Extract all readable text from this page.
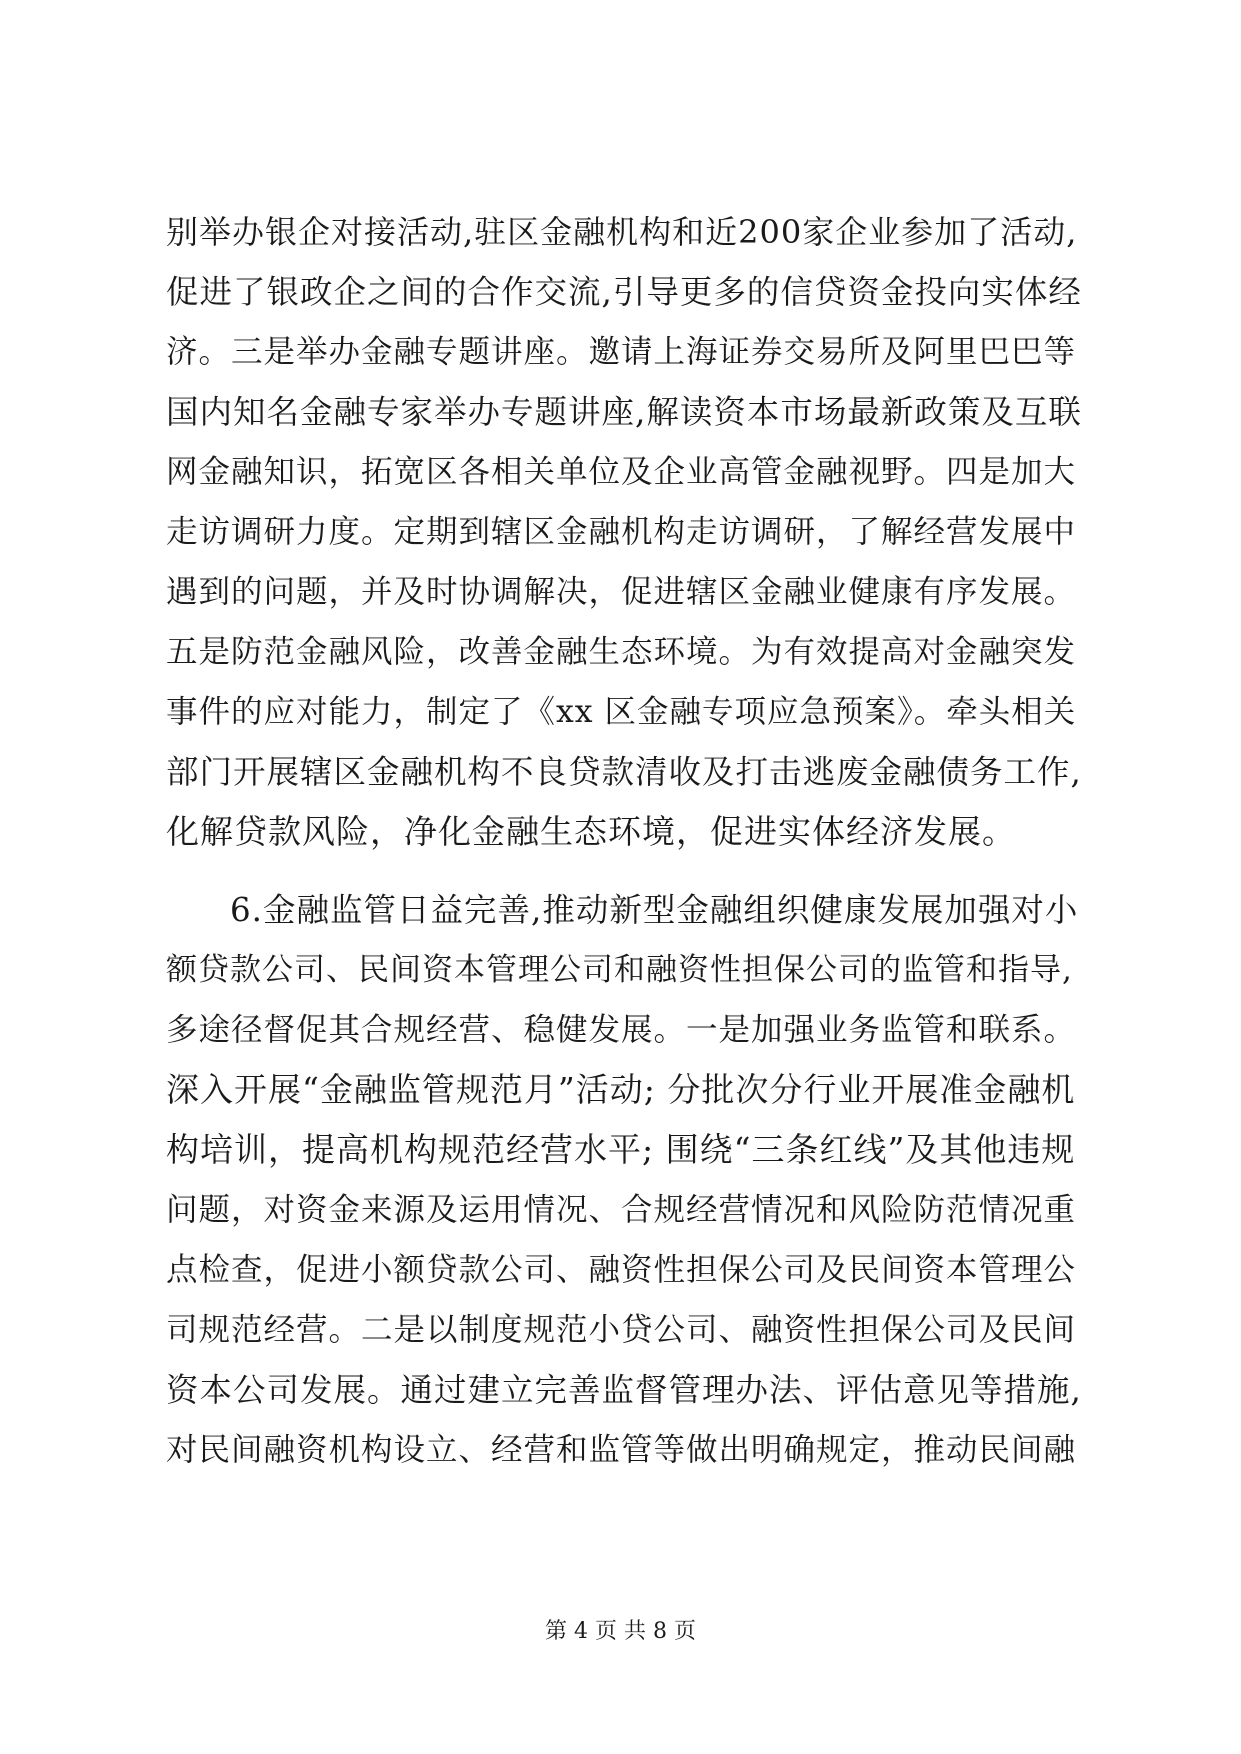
别举办银企对接活动,驻区金融机构和近200家企业参加了活动,
促进了银政企之间的合作交流,引导更多的信贷资金投向实体经
济。三是举办金融专题讲座。邀请上海证券交易所及阿里巴巴等
国内知名金融专家举办专题讲座,解读资本市场最新政策及互联
网金融知识，拓宽区各相关单位及企业高管金融视野。四是加大
走访调研力度。定期到辖区金融机构走访调研，了解经营发展中
遇到的问题，并及时协调解决，促进辖区金融业健康有序发展。
五是防范金融风险，改善金融生态环境。为有效提高对金融突发
事件的应对能力，制定了《xx 区金融专项应急预案》。牵头相关
部门开展辖区金融机构不良贷款清收及打击逃废金融债务工作,
化解贷款风险，净化金融生态环境，促进实体经济发展。
6.金融监管日益完善,推动新型金融组织健康发展加强对小
额贷款公司、民间资本管理公司和融资性担保公司的监管和指导,
多途径督促其合规经营、稳健发展。一是加强业务监管和联系。
深入开展“金融监管规范月”活动; 分批次分行业开展准金融机
构培训，提高机构规范经营水平; 围绕“三条红线”及其他违规
问题，对资金来源及运用情况、合规经营情况和风险防范情况重
点检查，促进小额贷款公司、融资性担保公司及民间资本管理公
司规范经营。二是以制度规范小贷公司、融资性担保公司及民间
资本公司发展。通过建立完善监督管理办法、评估意见等措施,
对民间融资机构设立、经营和监管等做出明确规定，推动民间融
第 4 页 共 8 页
